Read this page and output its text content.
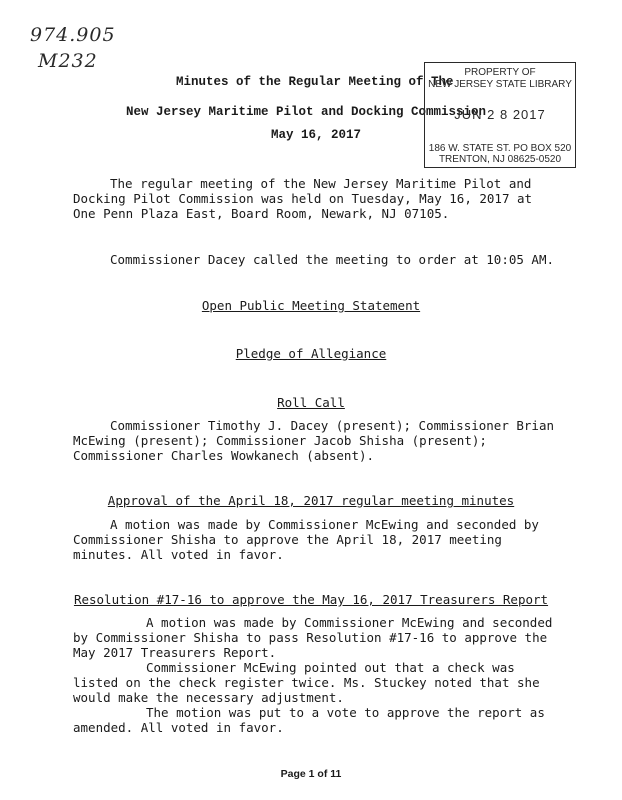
974.905
M232
Minutes of the Regular Meeting of The
New Jersey Maritime Pilot and Docking Commission
May 16, 2017
PROPERTY OF
NEW JERSEY STATE LIBRARY
JUN 2 8 2017
186 W. STATE ST. PO BOX 520
TRENTON, NJ 08625-0520
The regular meeting of the New Jersey Maritime Pilot and
Docking Pilot Commission was held on Tuesday, May 16, 2017 at
One Penn Plaza East, Board Room, Newark, NJ 07105.
Commissioner Dacey called the meeting to order at 10:05 AM.
Open Public Meeting Statement
Pledge of Allegiance
Roll Call
Commissioner Timothy J. Dacey (present); Commissioner Brian
McEwing (present); Commissioner Jacob Shisha (present);
Commissioner Charles Wowkanech (absent).
Approval of the April 18, 2017 regular meeting minutes
A motion was made by Commissioner McEwing and seconded by
Commissioner Shisha to approve the April 18, 2017 meeting
minutes. All voted in favor.
Resolution #17-16 to approve the May 16, 2017 Treasurers Report
A motion was made by Commissioner McEwing and seconded
by Commissioner Shisha to pass Resolution #17-16 to approve the
May 2017 Treasurers Report.
Commissioner McEwing pointed out that a check was
listed on the check register twice. Ms. Stuckey noted that she
would make the necessary adjustment.
The motion was put to a vote to approve the report as
amended. All voted in favor.
Page 1 of 11
